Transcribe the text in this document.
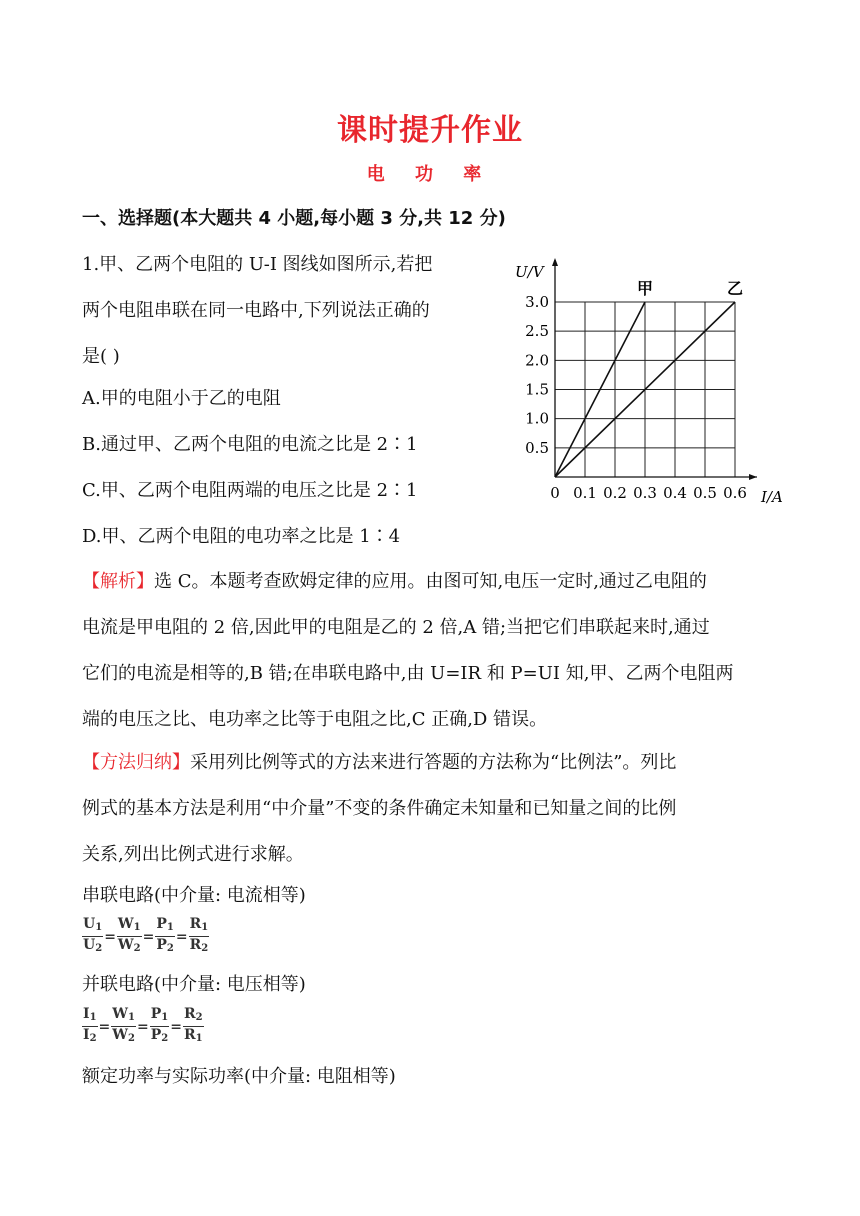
课时提升作业
电 功 率
一、选择题(本大题共 4 小题,每小题 3 分,共 12 分)
1.甲、乙两个电阻的 U-I 图线如图所示,若把
两个电阻串联在同一电路中,下列说法正确的
是( )
A.甲的电阻小于乙的电阻
B.通过甲、乙两个电阻的电流之比是 2∶1
C.甲、乙两个电阻两端的电压之比是 2∶1
D.甲、乙两个电阻的电功率之比是 1∶4
0.1 0.2 0.3 0.4 0.5 0.6
0.5
1.0
1.5
2.0
2.5
3.0
0
U/V
I/A
甲	乙
【解析】选 C。本题考查欧姆定律的应用。由图可知,电压一定时,通过乙电阻的
电流是甲电阻的 2 倍,因此甲的电阻是乙的 2 倍,A 错;当把它们串联起来时,通过
它们的电流是相等的,B 错;在串联电路中,由 U=IR 和 P=UI 知,甲、乙两个电阻两
端的电压之比、电功率之比等于电阻之比,C 正确,D 错误。
【方法归纳】采用列比例等式的方法来进行答题的方法称为“比例法”。列比
例式的基本方法是利用“中介量”不变的条件确定未知量和已知量之间的比例
关系,列出比例式进行求解。
串联电路(中介量: 电流相等)
$\frac{U_1}{U_2} = \frac{W_1}{W_2} = \frac{P_1}{P_2} = \frac{R_1}{R_2}$
并联电路(中介量: 电压相等)
$\frac{I_1}{I_2} = \frac{W_1}{W_2} = \frac{P_1}{P_2} = \frac{R_2}{R_1}$
额定功率与实际功率(中介量: 电阻相等)
